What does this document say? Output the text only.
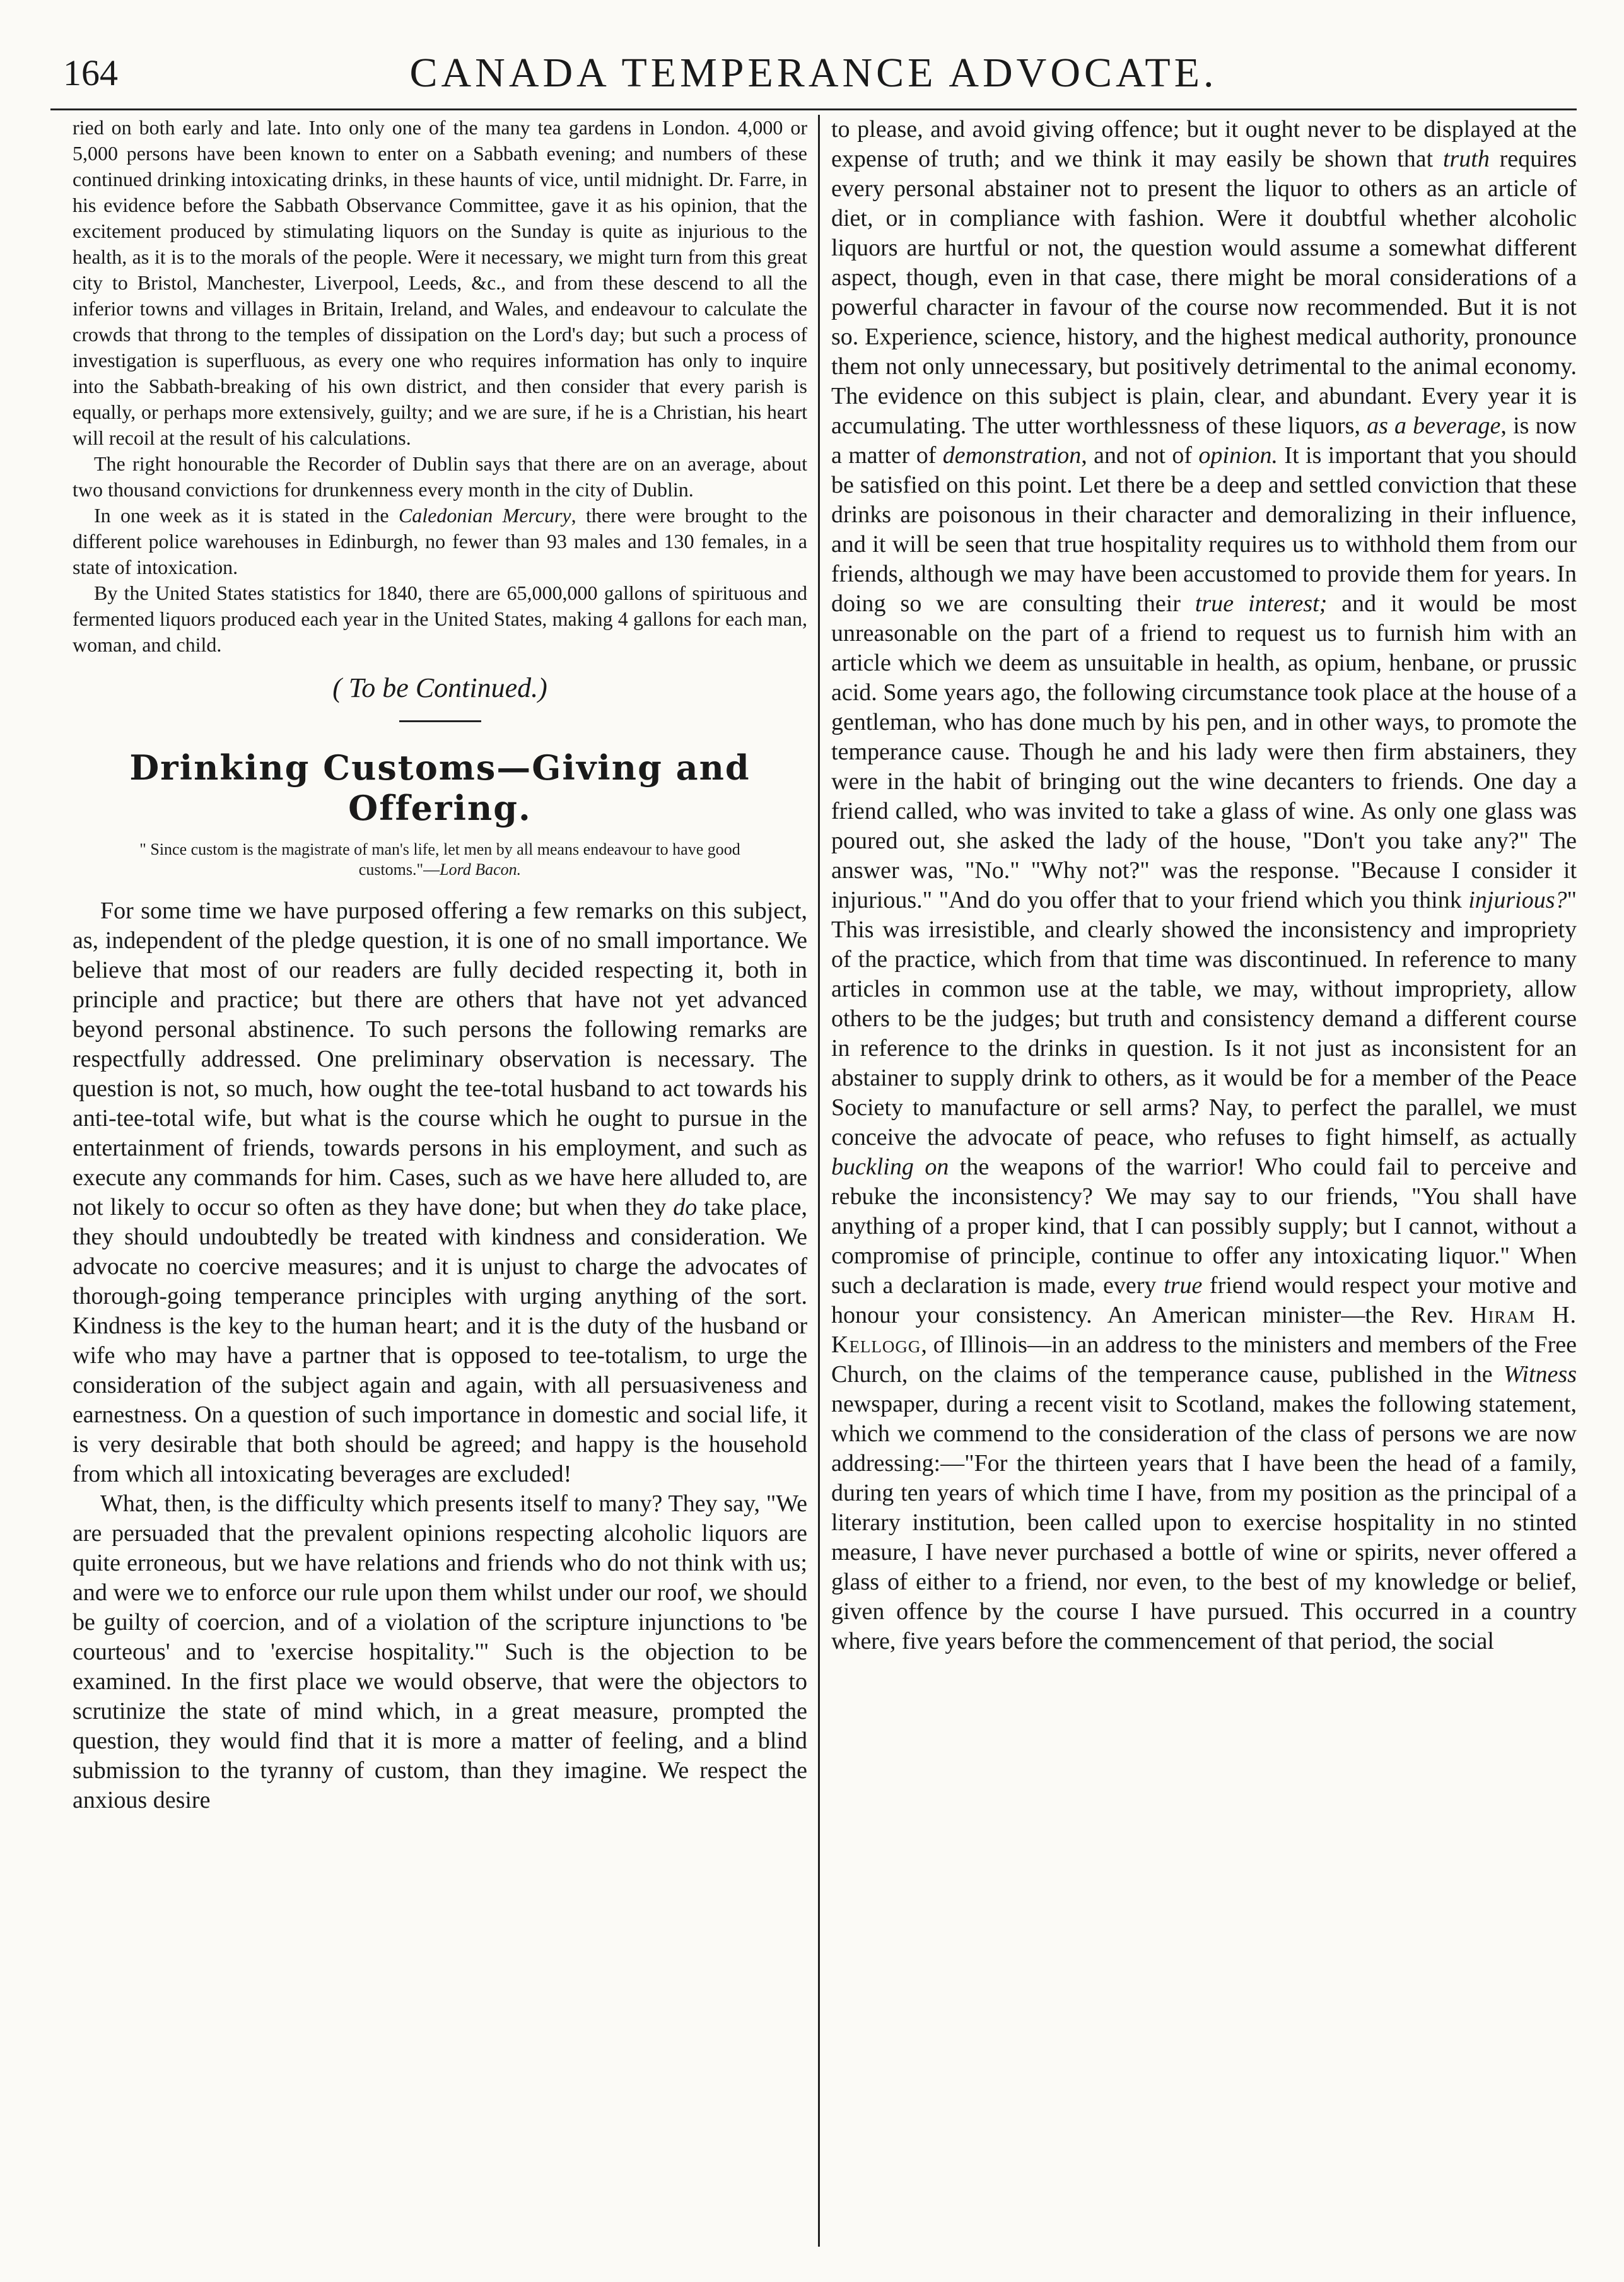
164	CANADA TEMPERANCE ADVOCATE.

ried on both early and late. Into only one of the many tea gardens in London. 4,000 or 5,000 persons have been known to enter on a Sabbath evening; and numbers of these continued drinking intoxicating drinks, in these haunts of vice, until midnight. Dr. Farre, in his evidence before the Sabbath Observance Committee, gave it as his opinion, that the excitement produced by stimulating liquors on the Sunday is quite as injurious to the health, as it is to the morals of the people. Were it necessary, we might turn from this great city to Bristol, Manchester, Liverpool, Leeds, &c., and from these descend to all the inferior towns and villages in Britain, Ireland, and Wales, and endeavour to calculate the crowds that throng to the temples of dissipation on the Lord's day; but such a process of investigation is superfluous, as every one who requires information has only to inquire into the Sabbath-breaking of his own district, and then consider that every parish is equally, or perhaps more extensively, guilty; and we are sure, if he is a Christian, his heart will recoil at the result of his calculations.

The right honourable the Recorder of Dublin says that there are on an average, about two thousand convictions for drunkenness every month in the city of Dublin.

In one week as it is stated in the Caledonian Mercury, there were brought to the different police warehouses in Edinburgh, no fewer than 93 males and 130 females, in a state of intoxication.

By the United States statistics for 1840, there are 65,000,000 gallons of spirituous and fermented liquors produced each year in the United States, making 4 gallons for each man, woman, and child.

( To be Continued.)
Drinking Customs—Giving and Offering.
" Since custom is the magistrate of man's life, let men by all means endeavour to have good customs."—Lord Bacon.

For some time we have purposed offering a few remarks on this subject, as, independent of the pledge question, it is one of no small importance. We believe that most of our readers are fully decided respecting it, both in principle and practice; but there are others that have not yet advanced beyond personal abstinence. To such persons the following remarks are respectfully addressed. One preliminary observation is necessary. The question is not, so much, how ought the tee-total husband to act towards his anti-tee-total wife, but what is the course which he ought to pursue in the entertainment of friends, towards persons in his employment, and such as execute any commands for him. Cases, such as we have here alluded to, are not likely to occur so often as they have done; but when they do take place, they should undoubtedly be treated with kindness and consideration. We advocate no coercive measures; and it is unjust to charge the advocates of thorough-going temperance principles with urging anything of the sort. Kindness is the key to the human heart; and it is the duty of the husband or wife who may have a partner that is opposed to tee-totalism, to urge the consideration of the subject again and again, with all persuasiveness and earnestness. On a question of such importance in domestic and social life, it is very desirable that both should be agreed; and happy is the household from which all intoxicating beverages are excluded!

What, then, is the difficulty which presents itself to many? They say, "We are persuaded that the prevalent opinions respecting alcoholic liquors are quite erroneous, but we have relations and friends who do not think with us; and were we to enforce our rule upon them whilst under our roof, we should be guilty of coercion, and of a violation of the scripture injunctions to 'be courteous' and to 'exercise hospitality.'" Such is the objection to be examined. In the first place we would observe, that were the objectors to scrutinize the state of mind which, in a great measure, prompted the question, they would find that it is more a matter of feeling, and a blind submission to the tyranny of custom, than they imagine. We respect the anxious desire

to please, and avoid giving offence; but it ought never to be displayed at the expense of truth; and we think it may easily be shown that truth requires every personal abstainer not to present the liquor to others as an article of diet, or in compliance with fashion. Were it doubtful whether alcoholic liquors are hurtful or not, the question would assume a somewhat different aspect, though, even in that case, there might be moral considerations of a powerful character in favour of the course now recommended. But it is not so. Experience, science, history, and the highest medical authority, pronounce them not only unnecessary, but positively detrimental to the animal economy. The evidence on this subject is plain, clear, and abundant. Every year it is accumulating. The utter worthlessness of these liquors, as a beverage, is now a matter of demonstration, and not of opinion. It is important that you should be satisfied on this point. Let there be a deep and settled conviction that these drinks are poisonous in their character and demoralizing in their influence, and it will be seen that true hospitality requires us to withhold them from our friends, although we may have been accustomed to provide them for years. In doing so we are consulting their true interest; and it would be most unreasonable on the part of a friend to request us to furnish him with an article which we deem as unsuitable in health, as opium, henbane, or prussic acid. Some years ago, the following circumstance took place at the house of a gentleman, who has done much by his pen, and in other ways, to promote the temperance cause. Though he and his lady were then firm abstainers, they were in the habit of bringing out the wine decanters to friends. One day a friend called, who was invited to take a glass of wine. As only one glass was poured out, she asked the lady of the house, "Don't you take any?" The answer was, "No." "Why not?" was the response. "Because I consider it injurious." "And do you offer that to your friend which you think injurious?" This was irresistible, and clearly showed the inconsistency and impropriety of the practice, which from that time was discontinued. In reference to many articles in common use at the table, we may, without impropriety, allow others to be the judges; but truth and consistency demand a different course in reference to the drinks in question. Is it not just as inconsistent for an abstainer to supply drink to others, as it would be for a member of the Peace Society to manufacture or sell arms? Nay, to perfect the parallel, we must conceive the advocate of peace, who refuses to fight himself, as actually buckling on the weapons of the warrior! Who could fail to perceive and rebuke the inconsistency? We may say to our friends, "You shall have anything of a proper kind, that I can possibly supply; but I cannot, without a compromise of principle, continue to offer any intoxicating liquor." When such a declaration is made, every true friend would respect your motive and honour your consistency. An American minister—the Rev. Hiram H. Kellogg, of Illinois—in an address to the ministers and members of the Free Church, on the claims of the temperance cause, published in the Witness newspaper, during a recent visit to Scotland, makes the following statement, which we commend to the consideration of the class of persons we are now addressing:—"For the thirteen years that I have been the head of a family, during ten years of which time I have, from my position as the principal of a literary institution, been called upon to exercise hospitality in no stinted measure, I have never purchased a bottle of wine or spirits, never offered a glass of either to a friend, nor even, to the best of my knowledge or belief, given offence by the course I have pursued. This occurred in a country where, five years before the commencement of that period, the social
